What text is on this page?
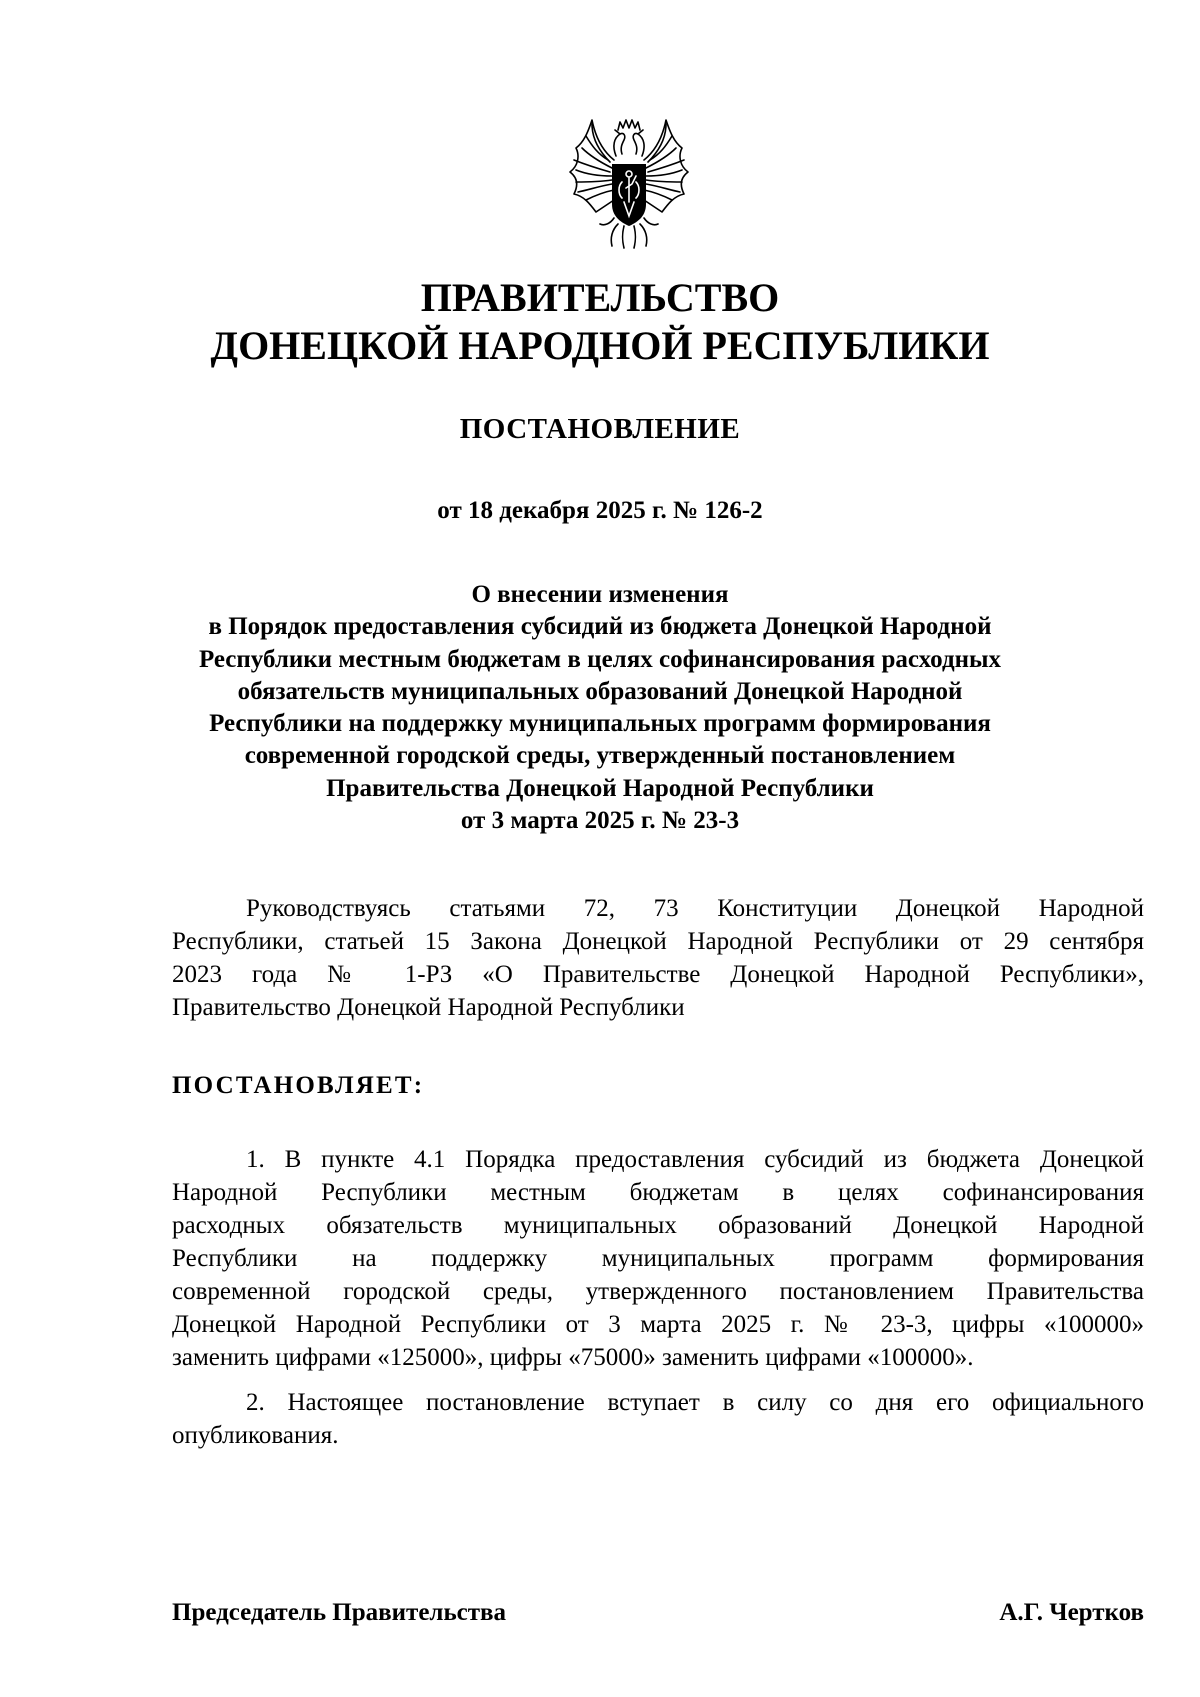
ПРАВИТЕЛЬСТВО
ДОНЕЦКОЙ НАРОДНОЙ РЕСПУБЛИКИ
ПОСТАНОВЛЕНИЕ
от 18 декабря 2025 г. № 126-2
О внесении изменения
в Порядок предоставления субсидий из бюджета Донецкой Народной
Республики местным бюджетам в целях софинансирования расходных
обязательств муниципальных образований Донецкой Народной
Республики на поддержку муниципальных программ формирования
современной городской среды, утвержденный постановлением
Правительства Донецкой Народной Республики
от 3 марта 2025 г. № 23-3
Руководствуясь статьями 72, 73 Конституции Донецкой Народной
Республики, статьей 15 Закона Донецкой Народной Республики от 29 сентября
2023 года № 1-РЗ «О Правительстве Донецкой Народной Республики»,
Правительство Донецкой Народной Республики
ПОСТАНОВЛЯЕТ:
1. В пункте 4.1 Порядка предоставления субсидий из бюджета Донецкой
Народной Республики местным бюджетам в целях софинансирования
расходных обязательств муниципальных образований Донецкой Народной
Республики на поддержку муниципальных программ формирования
современной городской среды, утвержденного постановлением Правительства
Донецкой Народной Республики от 3 марта 2025 г. № 23-3, цифры «100000»
заменить цифрами «125000», цифры «75000» заменить цифрами «100000».
2. Настоящее постановление вступает в силу со дня его официального
опубликования.
Председатель Правительства	А.Г. Чертков
